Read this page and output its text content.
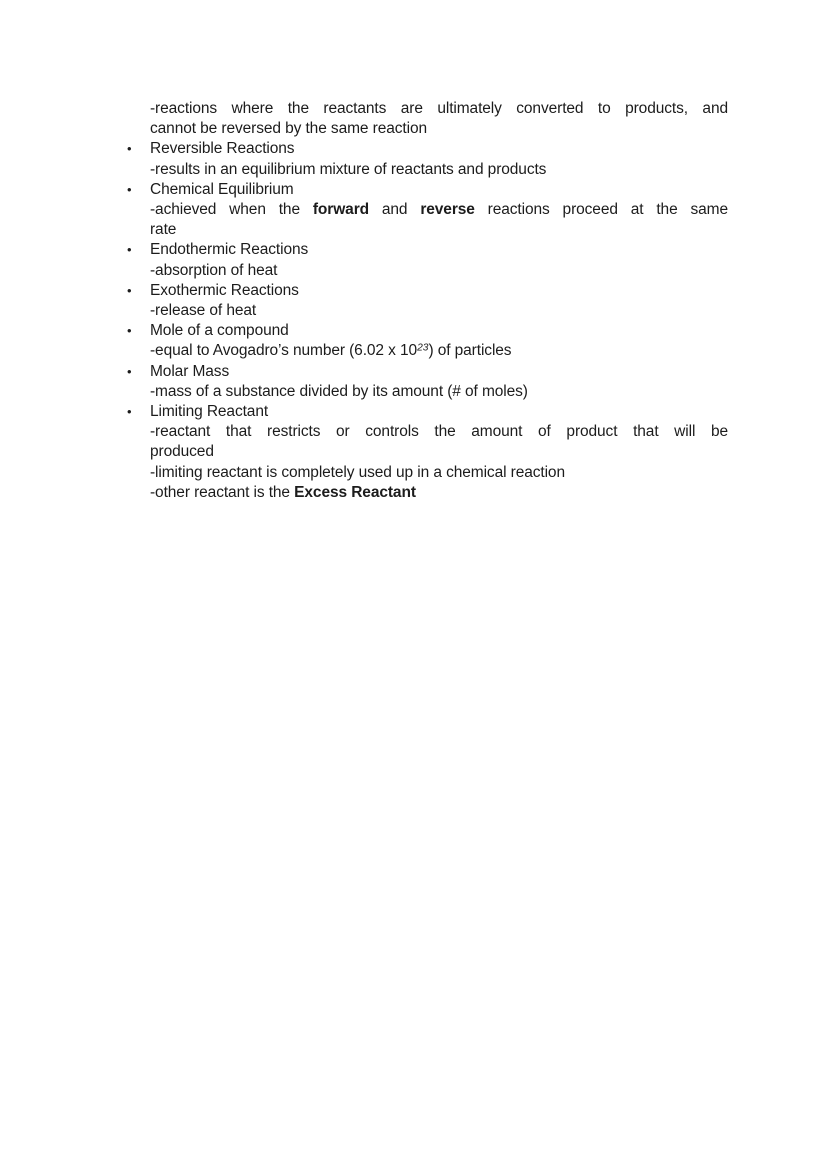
-reactions where the reactants are ultimately converted to products, and
cannot be reversed by the same reaction
• Reversible Reactions
-results in an equilibrium mixture of reactants and products
• Chemical Equilibrium
-achieved when the forward and reverse reactions proceed at the same
rate
• Endothermic Reactions
-absorption of heat
• Exothermic Reactions
-release of heat
• Mole of a compound
-equal to Avogadro’s number (6.02 x $10^{23}$) of particles
• Molar Mass
-mass of a substance divided by its amount (# of moles)
• Limiting Reactant
-reactant that restricts or controls the amount of product that will be
produced
-limiting reactant is completely used up in a chemical reaction
-other reactant is the Excess Reactant
